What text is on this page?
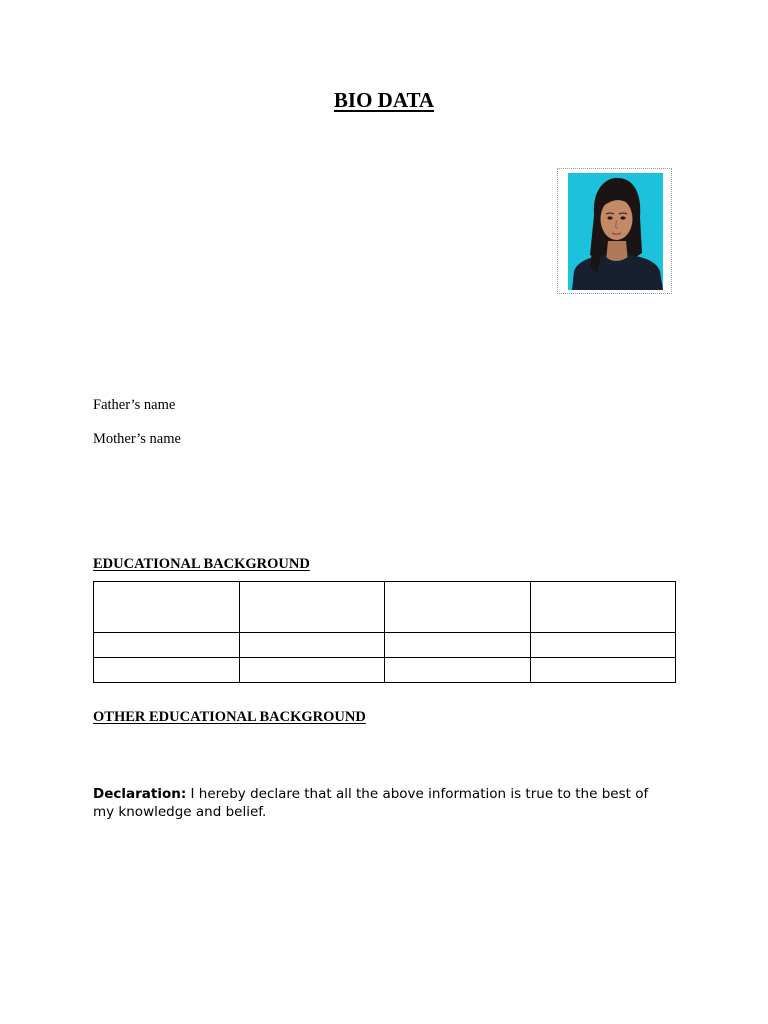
BIO DATA
Father’s name
Mother’s name
EDUCATIONAL BACKGROUND

OTHER EDUCATIONAL BACKGROUND
Declaration: I hereby declare that all the above information is true to the best of my knowledge and belief.
